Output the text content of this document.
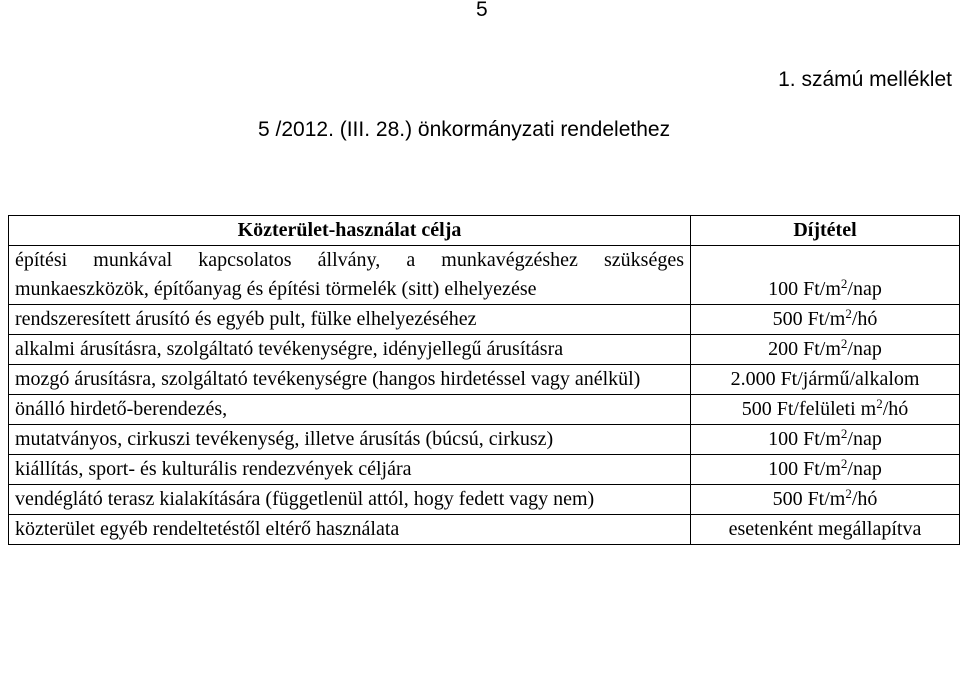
5
1. számú melléklet
5 /2012. (III. 28.) önkormányzati rendelethez
Közterület-használat célja	Díjtétel
építési munkával kapcsolatos állvány, a munkavégzéshez szükséges munkaeszközök, építőanyag és építési törmelék (sitt) elhelyezése	100 $Ft/m^2$/nap
rendszeresített árusító és egyéb pult, fülke elhelyezéséhez	500 $Ft/m^2/hó$
alkalmi árusításra, szolgáltató tevékenységre, idényjellegű árusításra	200 $Ft/m^2$/nap
mozgó árusításra, szolgáltató tevékenységre (hangos hirdetéssel vagy anélkül)	2.000 Ft/jármű/alkalom
önálló hirdető-berendezés,	500 Ft/felületi $m^2/hó$
mutatványos, cirkuszi tevékenység, illetve árusítás (búcsú, cirkusz)	100 $Ft/m^2$/nap
kiállítás, sport- és kulturális rendezvények céljára	100 $Ft/m^2$/nap
vendéglátó terasz kialakítására (függetlenül attól, hogy fedett vagy nem)	500 $Ft/m^2/hó$
közterület egyéb rendeltetéstől eltérő használata	esetenként megállapítva
